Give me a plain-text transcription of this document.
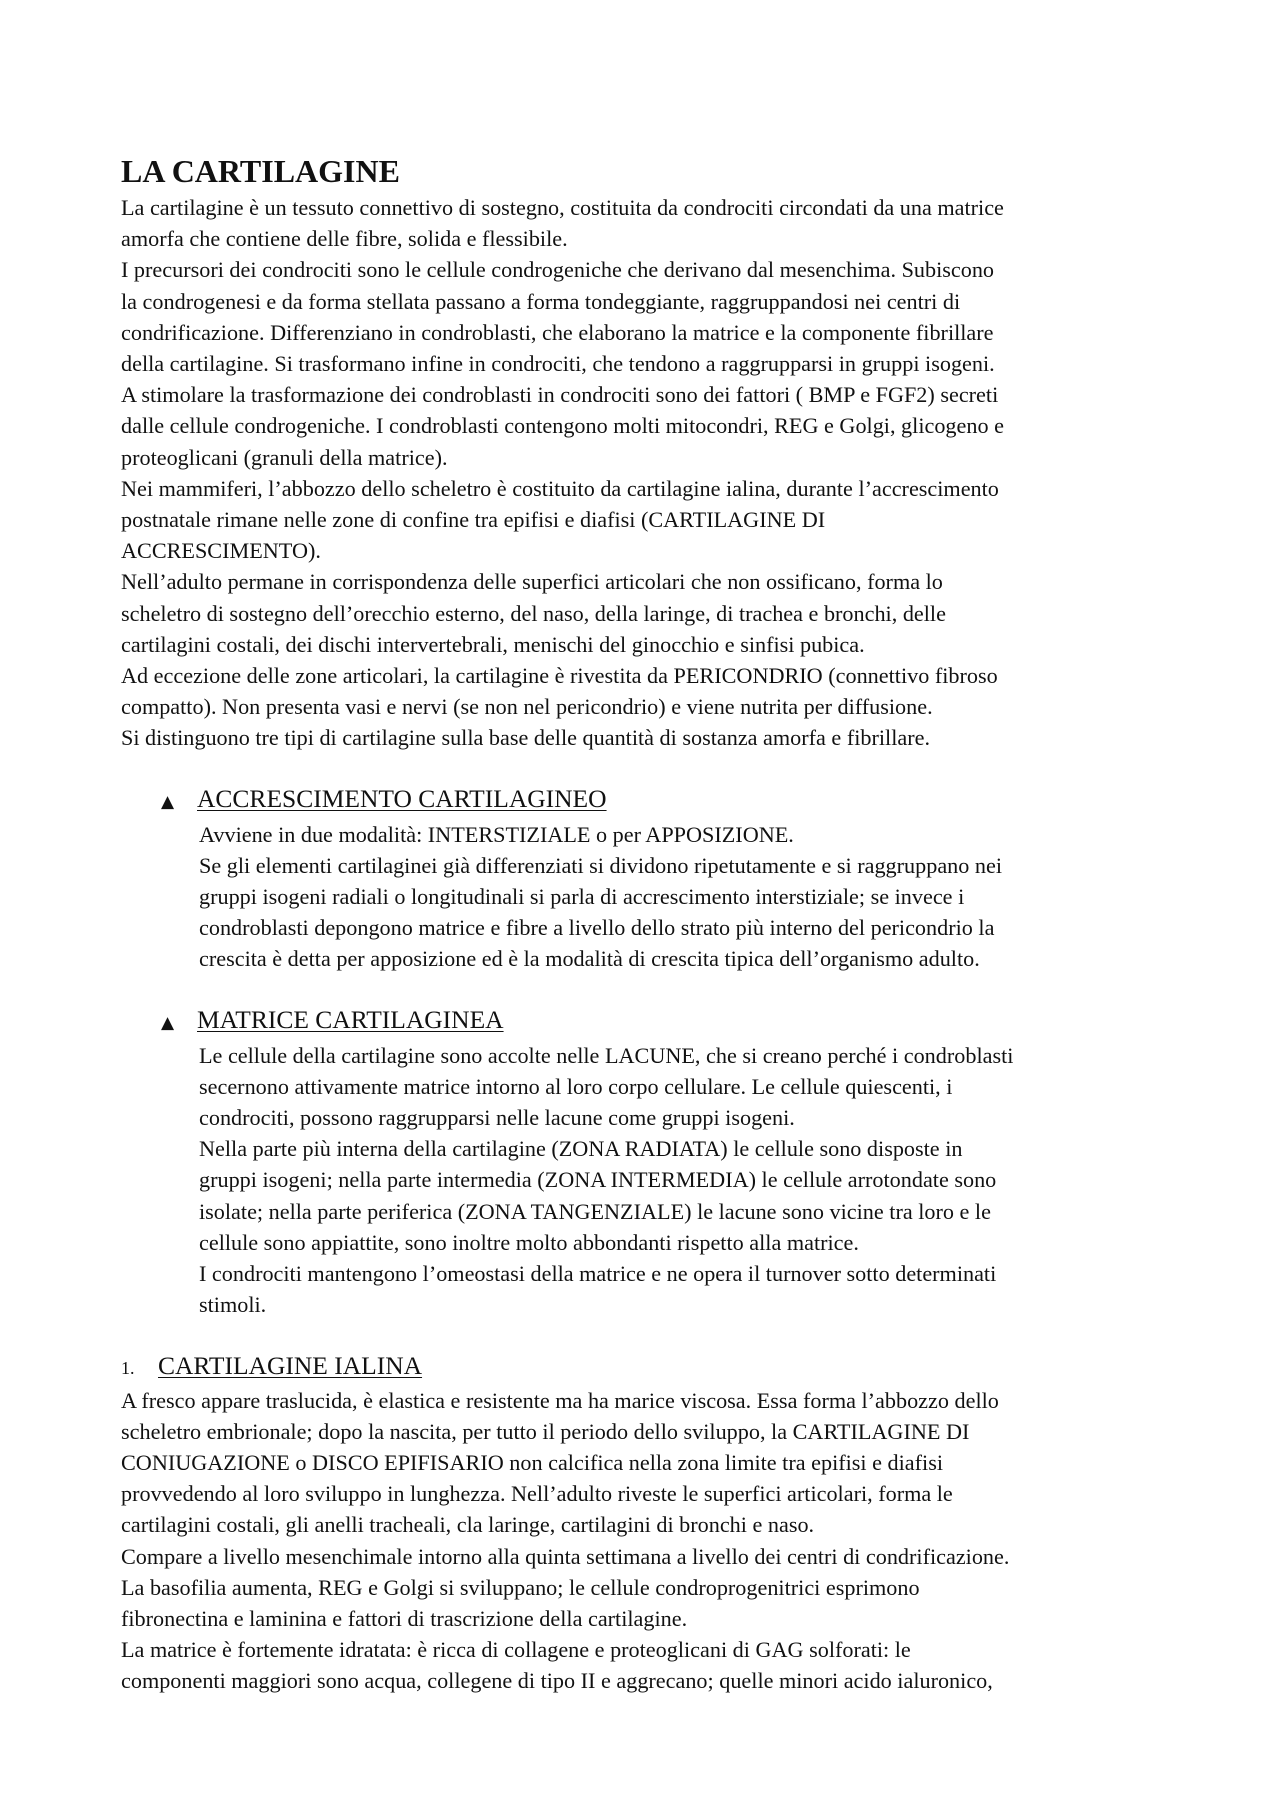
LA CARTILAGINE

La cartilagine è un tessuto connettivo di sostegno, costituita da condrociti circondati da una matrice

amorfa che contiene delle fibre, solida e flessibile.

I precursori dei condrociti sono le cellule condrogeniche che derivano dal mesenchima. Subiscono

la condrogenesi e da forma stellata passano a forma tondeggiante, raggruppandosi nei centri di

condrificazione. Differenziano in condroblasti, che elaborano la matrice e la componente fibrillare

della cartilagine. Si trasformano infine in condrociti, che tendono a raggrupparsi in gruppi isogeni.

A stimolare la trasformazione dei condroblasti in condrociti sono dei fattori ( BMP e FGF2) secreti

dalle cellule condrogeniche. I condroblasti contengono molti mitocondri, REG e Golgi, glicogeno e

proteoglicani (granuli della matrice).

Nei mammiferi, l’abbozzo dello scheletro è costituito da cartilagine ialina, durante l’accrescimento

postnatale rimane nelle zone di confine tra epifisi e diafisi (CARTILAGINE DI

ACCRESCIMENTO).

Nell’adulto permane in corrispondenza delle superfici articolari che non ossificano, forma lo

scheletro di sostegno dell’orecchio esterno, del naso, della laringe, di trachea e bronchi, delle

cartilagini costali, dei dischi intervertebrali, menischi del ginocchio e sinfisi pubica.

Ad eccezione delle zone articolari, la cartilagine è rivestita da PERICONDRIO (connettivo fibroso

compatto). Non presenta vasi e nervi (se non nel pericondrio) e viene nutrita per diffusione.

Si distinguono tre tipi di cartilagine sulla base delle quantità di sostanza amorfa e fibrillare.

▲ ACCRESCIMENTO CARTILAGINEO

Avviene in due modalità: INTERSTIZIALE o per APPOSIZIONE.

Se gli elementi cartilaginei già differenziati si dividono ripetutamente e si raggruppano nei

gruppi isogeni radiali o longitudinali si parla di accrescimento interstiziale; se invece i

condroblasti depongono matrice e fibre a livello dello strato più interno del pericondrio la

crescita è detta per apposizione ed è la modalità di crescita tipica dell’organismo adulto.

▲ MATRICE CARTILAGINEA

Le cellule della cartilagine sono accolte nelle LACUNE, che si creano perché i condroblasti

secernono attivamente matrice intorno al loro corpo cellulare. Le cellule quiescenti, i

condrociti, possono raggrupparsi nelle lacune come gruppi isogeni.

Nella parte più interna della cartilagine (ZONA RADIATA) le cellule sono disposte in

gruppi isogeni; nella parte intermedia (ZONA INTERMEDIA) le cellule arrotondate sono

isolate; nella parte periferica (ZONA TANGENZIALE) le lacune sono vicine tra loro e le

cellule sono appiattite, sono inoltre molto abbondanti rispetto alla matrice.

I condrociti mantengono l’omeostasi della matrice e ne opera il turnover sotto determinati

stimoli.

1. CARTILAGINE IALINA

A fresco appare traslucida, è elastica e resistente ma ha marice viscosa. Essa forma l’abbozzo dello

scheletro embrionale; dopo la nascita, per tutto il periodo dello sviluppo, la CARTILAGINE DI

CONIUGAZIONE o DISCO EPIFISARIO non calcifica nella zona limite tra epifisi e diafisi

provvedendo al loro sviluppo in lunghezza. Nell’adulto riveste le superfici articolari, forma le

cartilagini costali, gli anelli tracheali, cla laringe, cartilagini di bronchi e naso.

Compare a livello mesenchimale intorno alla quinta settimana a livello dei centri di condrificazione.

La basofilia aumenta, REG e Golgi si sviluppano; le cellule condroprogenitrici esprimono

fibronectina e laminina e fattori di trascrizione della cartilagine.

La matrice è fortemente idratata: è ricca di collagene e proteoglicani di GAG solforati: le

componenti maggiori sono acqua, collegene di tipo II e aggrecano; quelle minori acido ialuronico,
